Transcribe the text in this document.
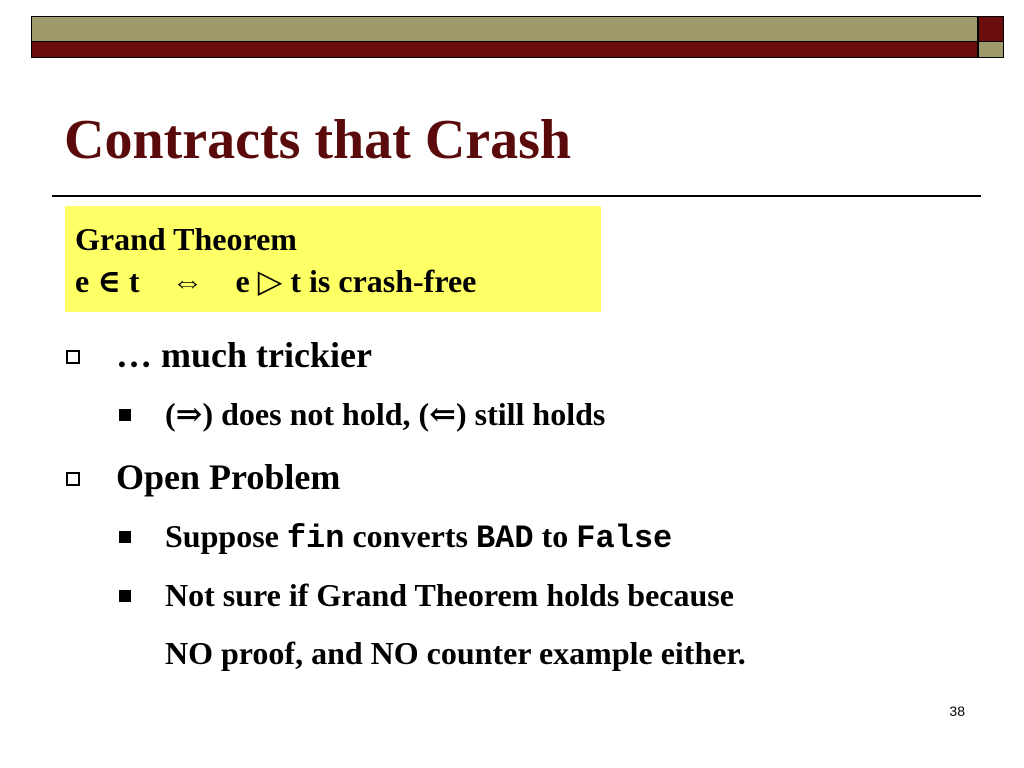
Contracts that Crash
Grand Theorem
e ∈ t ⇔ e ▷ t is crash-free
… much trickier
(⇒) does not hold, (⇐) still holds
Open Problem
Suppose fin converts BAD to False
Not sure if Grand Theorem holds because
NO proof, and NO counter example either.
38
